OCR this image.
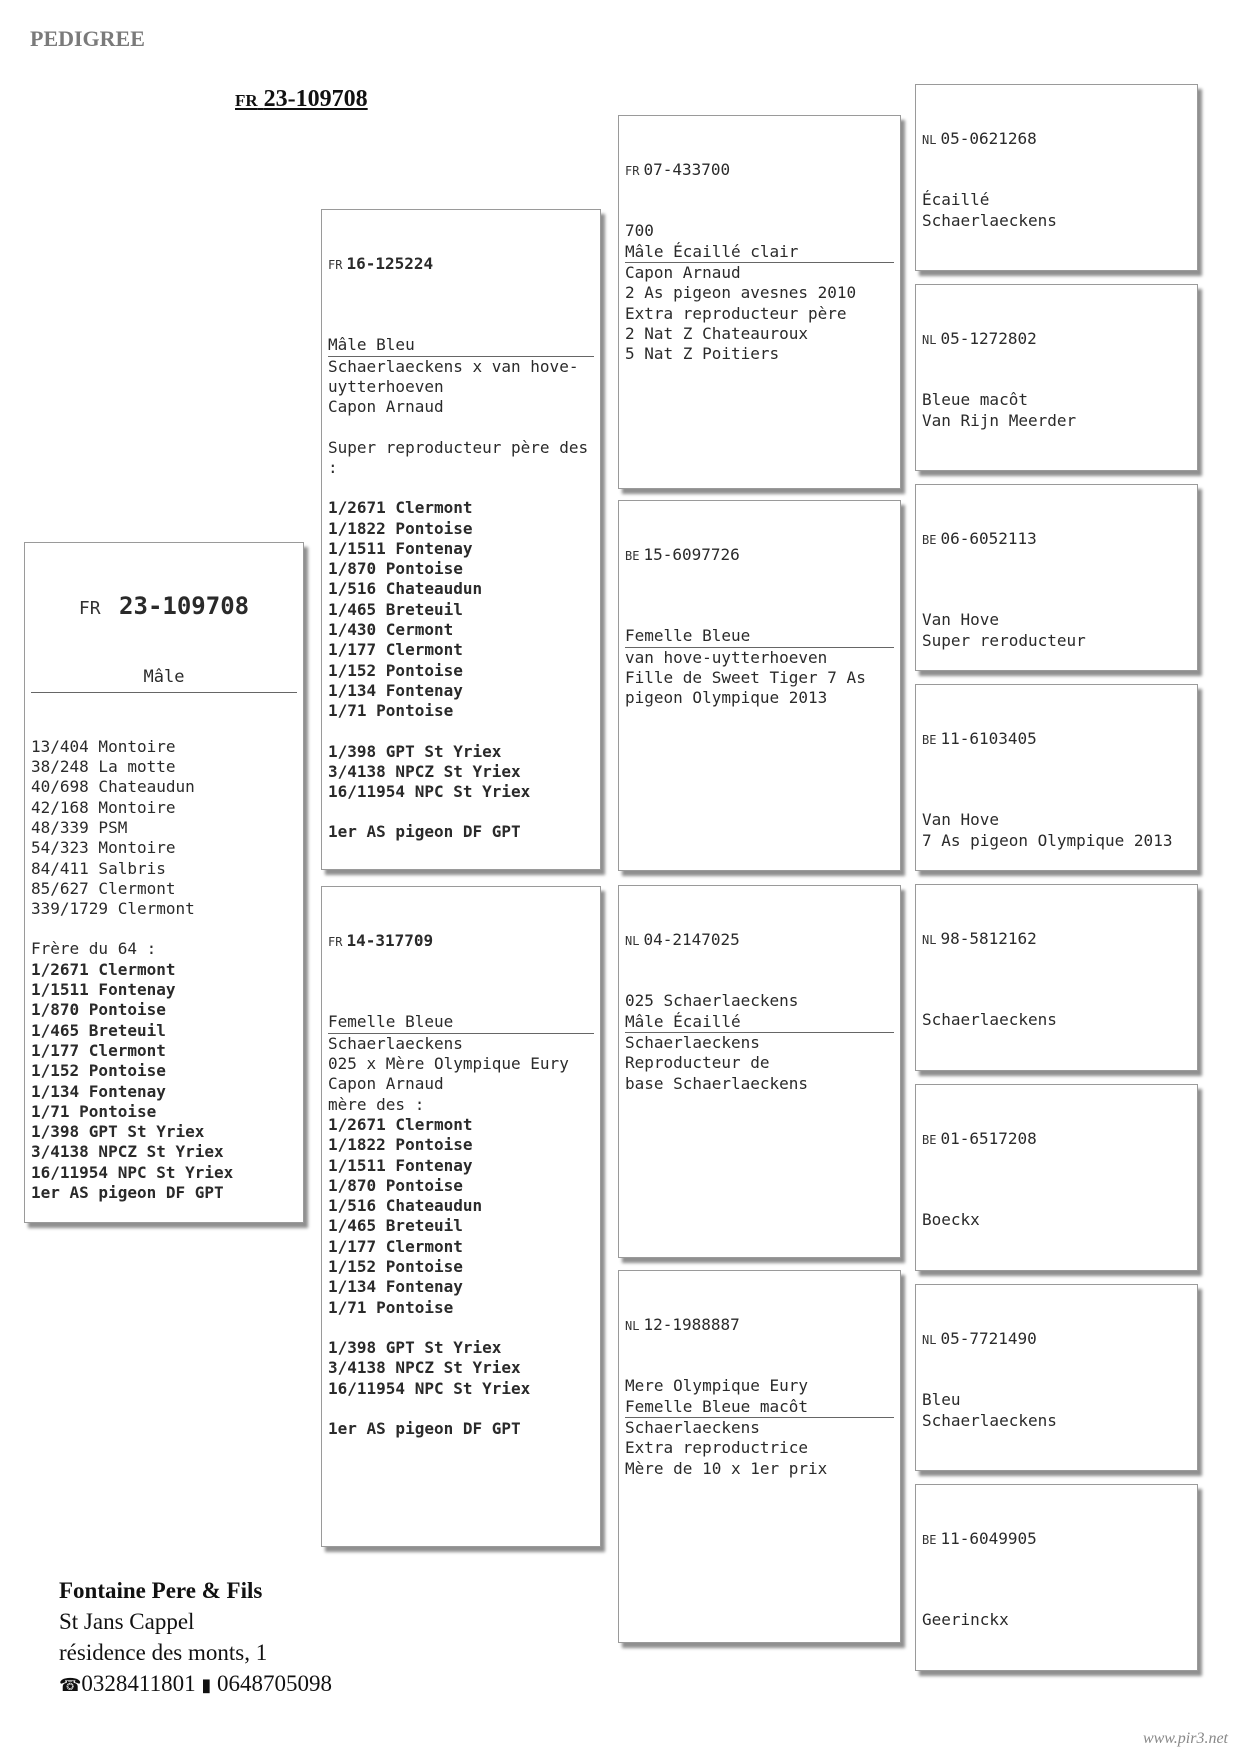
PEDIGREE
FR 23-109708

FR 23-109708

Mâle

13/404 Montoire
38/248 La motte
40/698 Chateaudun
42/168 Montoire
48/339 PSM
54/323 Montoire
84/411 Salbris
85/627 Clermont
339/1729 Clermont
Frère du 64 :
1/2671 Clermont
1/1511 Fontenay
1/870 Pontoise
1/465 Breteuil
1/177 Clermont
1/152 Pontoise
1/134 Fontenay
1/71 Pontoise
1/398 GPT St Yriex
3/4138 NPCZ St Yriex
16/11954 NPC St Yriex
1er AS pigeon DF GPT

FR 16-125224

Mâle Bleu
Schaerlaeckens x van hove-uytterhoeven
Capon Arnaud
Super reproducteur père des :
1/2671 Clermont
1/1822 Pontoise
1/1511 Fontenay
1/870 Pontoise
1/516 Chateaudun
1/465 Breteuil
1/430 Cermont
1/177 Clermont
1/152 Pontoise
1/134 Fontenay
1/71 Pontoise
1/398 GPT St Yriex
3/4138 NPCZ St Yriex
16/11954 NPC St Yriex
1er AS pigeon DF GPT

FR 14-317709

Femelle Bleue
Schaerlaeckens
025 x Mère Olympique Eury
Capon Arnaud
mère des :
1/2671 Clermont
1/1822 Pontoise
1/1511 Fontenay
1/870 Pontoise
1/516 Chateaudun
1/465 Breteuil
1/177 Clermont
1/152 Pontoise
1/134 Fontenay
1/71 Pontoise
1/398 GPT St Yriex
3/4138 NPCZ St Yriex
16/11954 NPC St Yriex
1er AS pigeon DF GPT

FR 07-433700

700
Mâle Écaillé clair
Capon Arnaud
2 As pigeon avesnes 2010
Extra reproducteur père
2 Nat Z Chateauroux
5 Nat Z Poitiers

BE 15-6097726

Femelle Bleue
van hove-uytterhoeven
Fille de Sweet Tiger 7 As pigeon Olympique 2013

NL 04-2147025

025 Schaerlaeckens
Mâle Écaillé
Schaerlaeckens
Reproducteur de
base Schaerlaeckens

NL 12-1988887

Mere Olympique Eury
Femelle Bleue macôt
Schaerlaeckens
Extra reproductrice
Mère de 10 x 1er prix

NL 05-0621268

Écaillé
Schaerlaeckens

NL 05-1272802

Bleue macôt
Van Rijn Meerder

BE 06-6052113

Van Hove
Super reroducteur

BE 11-6103405

Van Hove
7 As pigeon Olympique 2013

NL 98-5812162

Schaerlaeckens

BE 01-6517208

Boeckx

NL 05-7721490

Bleu
Schaerlaeckens

BE 11-6049905

Geerinckx

Fontaine Pere & Fils
St Jans Cappel
résidence des monts, 1
☎0328411801 ▮ 0648705098
www.pir3.net
